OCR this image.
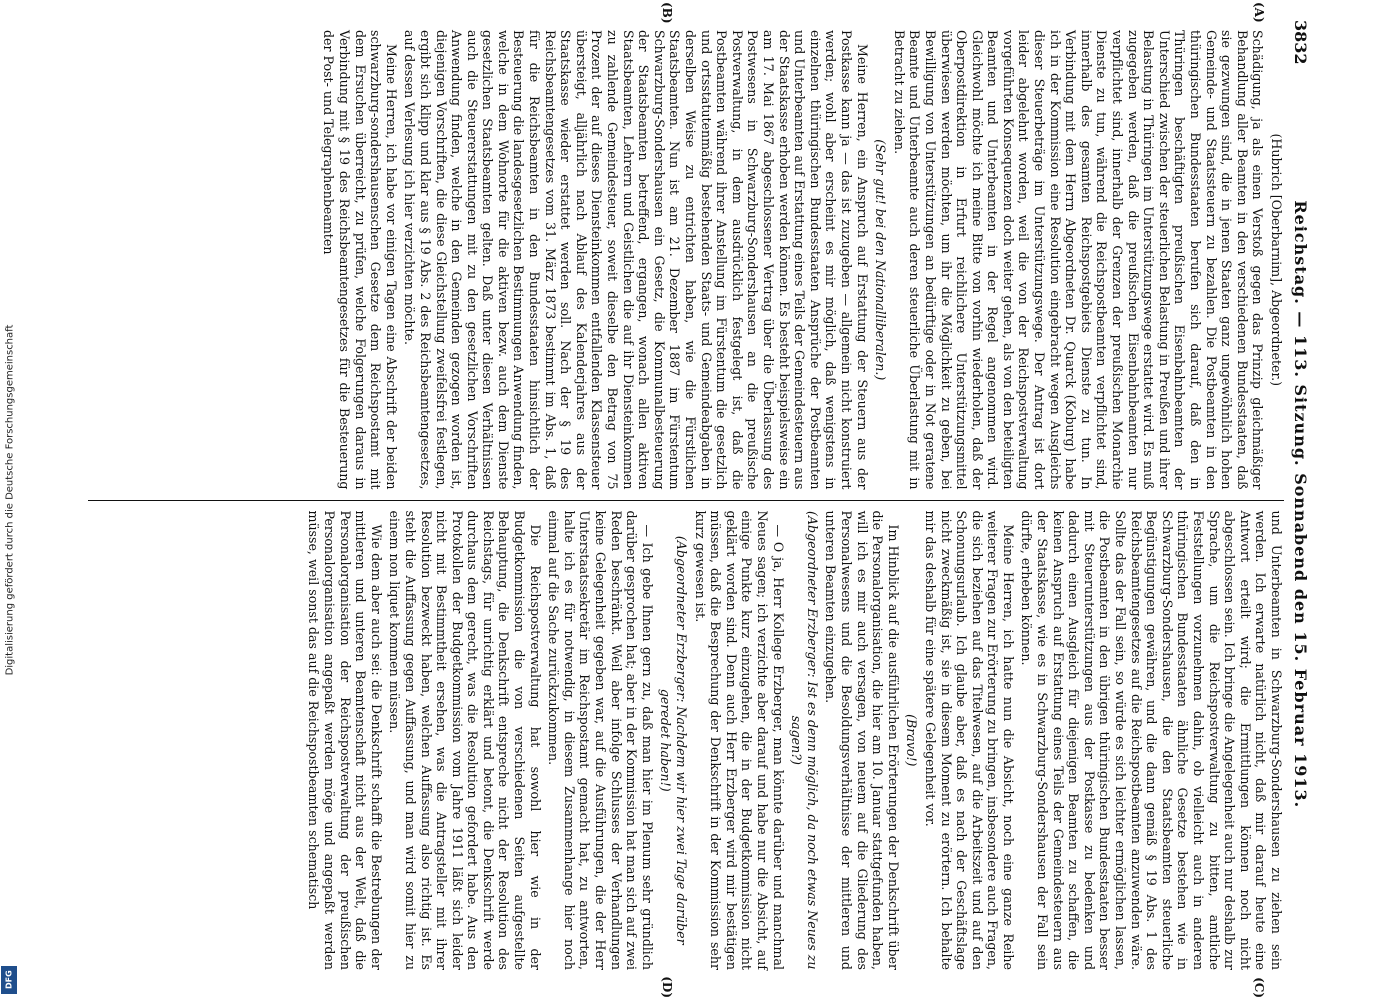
Digitalisierung gefördert durch die Deutsche Forschungsgemeinschaft
DFG
3832
Reichstag. — 113. Sitzung. Sonnabend den 15. Februar 1913.
(A)
(B)

(Hubrich [Oberbarnim], Abgeordneter.)

Schädigung, ja als einen Verstoß gegen das Prinzip gleichmäßiger Behandlung aller Beamten in den verschiedenen Bundesstaaten, daß sie gezwungen sind, die in jenen Staaten ganz ungewöhnlich hohen Gemeinde- und Staatssteuern zu bezahlen. Die Postbeamten in den thüringischen Bundesstaaten berufen sich darauf, daß den in Thüringen beschäftigten preußischen Eisenbahnbeamten der Unterschied zwischen der steuerlichen Belastung in Preußen und ihrer Belastung in Thüringen im Unterstützungswege erstattet wird. Es muß zugegeben werden, daß die preußischen Eisenbahnbeamten nur verpflichtet sind, innerhalb der Grenzen der preußischen Monarchie Dienste zu tun, während die Reichspostbeamten verpflichtet sind, innerhalb des gesamten Reichspostgebiets Dienste zu tun. In Verbindung mit dem Herrn Abgeordneten Dr. Quarck (Koburg) habe ich in der Kommission eine Resolution eingebracht wegen Ausgleichs dieser Steuerbeträge im Unterstützungswege. Der Antrag ist dort leider abgelehnt worden, weil die von der Reichspostverwaltung vorgeführten Konsequenzen doch weiter gehen, als von den beteiligten Beamten und Unterbeamten in der Regel angenommen wird. Gleichwohl möchte ich meine Bitte von vorhin wiederholen, daß der Oberpostdirektion in Erfurt reichlichere Unterstützungsmittel überwiesen werden möchten, um ihr die Möglichkeit zu geben, bei Bewilligung von Unterstützungen an bedürftige oder in Not geratene Beamte und Unterbeamte auch deren steuerliche Überlastung mit in Betracht zu ziehen.

(Sehr gut! bei den Nationalliberalen.)

Meine Herren, ein Anspruch auf Erstattung der Steuern aus der Postkasse kann ja — das ist zuzugeben — allgemein nicht konstruiert werden; wohl aber erscheint es mir möglich, daß wenigstens in einzelnen thüringischen Bundesstaaten Ansprüche der Postbeamten und Unterbeamten auf Erstattung eines Teils der Gemeindesteuern aus der Staatskasse erhoben werden können. Es besteht beispielsweise ein am 17. Mai 1867 abgeschlossener Vertrag über die Überlassung des Postwesens in Schwarzburg-Sondershausen an die preußische Postverwaltung, in dem ausdrücklich festgelegt ist, daß die Postbeamten während ihrer Anstellung im Fürstentum die gesetzlich und ortsstatutenmäßig bestehenden Staats- und Gemeindeabgaben in derselben Weise zu entrichten haben, wie die Fürstlichen Staatsbeamten. Nun ist am 21. Dezember 1887 im Fürstentum Schwarzburg-Sondershausen ein Gesetz, die Kommunalbesteuerung der Staatsbeamten betreffend, ergangen, wonach allen aktiven Staatsbeamten, Lehrern und Geistlichen die auf ihr Diensteinkommen zu zahlende Gemeindesteuer, soweit dieselbe den Betrag von 75 Prozent der auf dieses Diensteinkommen entfallenden Klassensteuer übersteigt, alljährlich nach Ablauf des Kalenderjahres aus der Staatskasse wieder erstattet werden soll. Nach der § 19 des Reichsbeamtengesetzes vom 31. März 1873 bestimmt im Abs. 1, daß für die Reichsbeamten in den Bundesstaaten hinsichtlich der Besteuerung die landesgesetzlichen Bestimmungen Anwendung finden, welche in dem Wohnorte für die aktiven bezw. auch dem Dienste gesetzlichen Staatsbeamten gelten. Daß unter diesen Verhältnissen auch die Steuererstattungen mit zu den gesetzlichen Vorschriften Anwendung finden, welche in den Gemeinden gezogen worden ist, diejenigen Vorschriften, die diese Gleichstellung zweifelsfrei festlegen, ergibt sich klipp und klar aus § 19 Abs. 2 des Reichsbeamtengesetzes, auf dessen Verlesung ich hier verzichten möchte.

Meine Herren, ich habe vor einigen Tagen eine Abschrift der beiden schwarzburg-sondershausenschen Gesetze dem Reichspostamt mit dem Ersuchen überreicht, zu prüfen, welche Folgerungen daraus in Verbindung mit § 19 des Reichsbeamtengesetzes für die Besteuerung der Post- und Telegraphenbeamten

(C)
(D)

und Unterbeamten in Schwarzburg-Sondershausen zu ziehen sein werden. Ich erwarte natürlich nicht, daß mir darauf heute eine Antwort erteilt wird; die Ermittlungen können noch nicht abgeschlossen sein. Ich bringe die Angelegenheit auch nur deshalb zur Sprache, um die Reichspostverwaltung zu bitten, amtliche Feststellungen vorzunehmen dahin, ob vielleicht auch in anderen thüringischen Bundesstaaten ähnliche Gesetze bestehen wie in Schwarzburg-Sondershausen, die den Staatsbeamten steuerliche Begünstigungen gewähren, und die dann gemäß § 19 Abs. 1 des Reichsbeamtengesetzes auf die Reichspostbeamten anzuwenden wäre. Sollte das der Fall sein, so würde es sich leichter ermöglichen lassen, die Postbeamten in den übrigen thüringischen Bundesstaaten besser mit Steuerunterstützungen aus der Postkasse zu bedenken und dadurch einen Ausgleich für diejenigen Beamten zu schaffen, die keinen Anspruch auf Erstattung eines Teils der Gemeindesteuern aus der Staatskasse, wie es in Schwarzburg-Sondershausen der Fall sein dürfte, erheben können.

Meine Herren, ich hatte nun die Absicht, noch eine ganze Reihe weiterer Fragen zur Erörterung zu bringen, insbesondere auch Fragen, die sich beziehen auf das Titelwesen, auf die Arbeitszeit und auf den Schonungsurlaub. Ich glaube aber, daß es nach der Geschäftslage nicht zweckmäßig ist, sie in diesem Moment zu erörtern. Ich behalte mir das deshalb für eine spätere Gelegenheit vor.

(Bravo!)

Im Hinblick auf die ausführlichen Erörterungen der Denkschrift über die Personalorganisation, die hier am 10. Januar stattgefunden haben, will ich es mir auch versagen, von neuem auf die Gliederung des Personalwesens und die Besoldungsverhältnisse der mittleren und unteren Beamten einzugehen.

(Abgeordneter Erzberger: Ist es denn möglich, da noch etwas Neues zu sagen?)

— O ja, Herr Kollege Erzberger, man könnte darüber und manchmal Neues sagen; ich verzichte aber darauf und habe nur die Absicht, auf einige Punkte kurz einzugehen, die in der Budgetkommission nicht geklärt worden sind. Denn auch Herr Erzberger wird mir bestätigen müssen, daß die Besprechung der Denkschrift in der Kommission sehr kurz gewesen ist.

(Abgeordneter Erzberger: Nachdem wir hier zwei Tage darüber geredet haben!)

— Ich gebe Ihnen gern zu, daß man hier im Plenum sehr gründlich darüber gesprochen hat; aber in der Kommission hat man sich auf zwei Reden beschränkt. Weil aber infolge Schlusses der Verhandlungen keine Gelegenheit gegeben war, auf die Ausführungen, die der Herr Unterstaatssekretär im Reichspostamt gemacht hat, zu antworten, halte ich es für notwendig, in diesem Zusammenhange hier noch einmal auf die Sache zurückzukommen.

Die Reichspostverwaltung hat sowohl hier wie in der Budgetkommission die von verschiedenen Seiten aufgestellte Behauptung, die Denkschrift entspreche nicht der Resolution des Reichstags, für unrichtig erklärt und betont, die Denkschrift werde durchaus dem gerecht, was die Resolution gefordert habe. Aus den Protokollen der Budgetkommission vom Jahre 1911 läßt sich leider nicht mit Bestimmtheit ersehen, was die Antragsteller mit ihrer Resolution bezweckt haben, welchen Auffassung also richtig ist. Es steht die Auffassung gegen Auffassung, und man wird somit hier zu einem non liquet kommen müssen.

Wie dem aber auch sei: die Denkschrift schafft die Bestrebungen der mittleren und unteren Beamtenschaft nicht aus der Welt, daß die Personalorganisation der Reichspostverwaltung der preußischen Personalorganisation angepaßt werden möge und angepaßt werden müsse, weil sonst das auf die Reichspostbeamten schematisch
